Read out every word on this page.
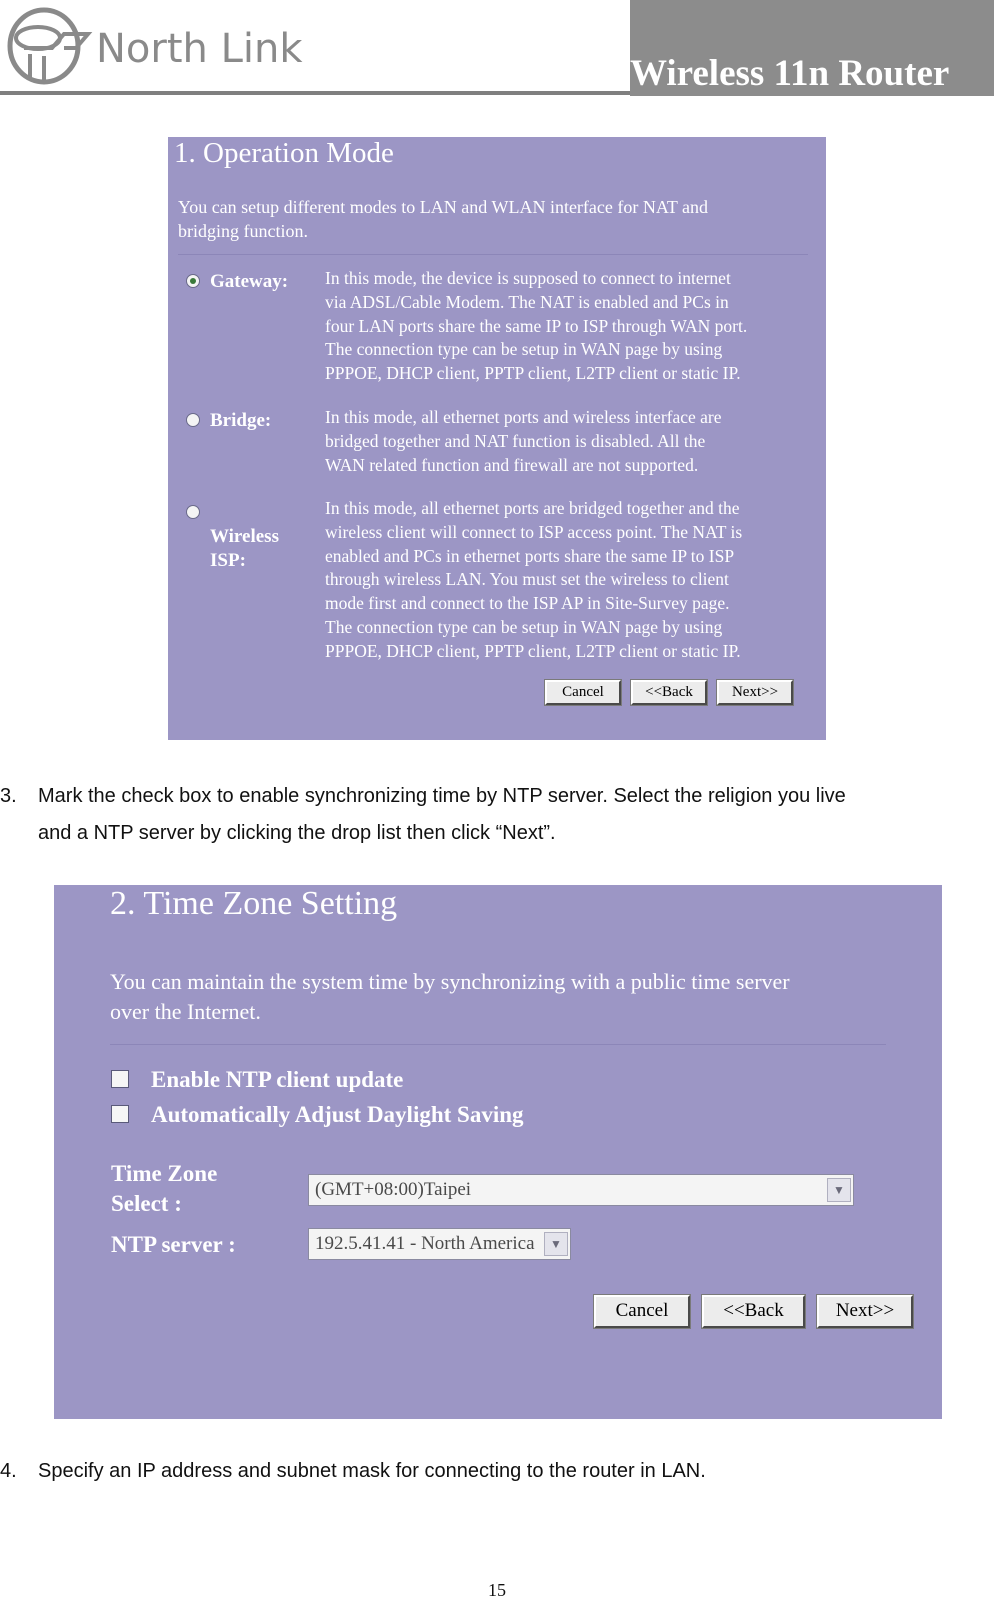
North Link
Wireless 11n Router
1. Operation Mode
You can setup different modes to LAN and WLAN interface for NAT and
bridging function.
Gateway: In this mode, the device is supposed to connect to internet
via ADSL/Cable Modem. The NAT is enabled and PCs in
four LAN ports share the same IP to ISP through WAN port.
The connection type can be setup in WAN page by using
PPPOE, DHCP client, PPTP client, L2TP client or static IP.
Bridge:	In this mode, all ethernet ports and wireless interface are
bridged together and NAT function is disabled. All the
WAN related function and firewall are not supported.

Wireless
ISP:

In this mode, all ethernet ports are bridged together and the
wireless client will connect to ISP access point. The NAT is
enabled and PCs in ethernet ports share the same IP to ISP
through wireless LAN. You must set the wireless to client
mode first and connect to the ISP AP in Site-Survey page.
The connection type can be setup in WAN page by using
PPPOE, DHCP client, PPTP client, L2TP client or static IP.
Cancel	<<Back	Next>>
3. Mark the check box to enable synchronizing time by NTP server. Select the religion you live
and a NTP server by clicking the drop list then click “Next”.
2. Time Zone Setting
You can maintain the system time by synchronizing with a public time server
over the Internet.
Enable NTP client update
Automatically Adjust Daylight Saving
Time Zone
Select :
(GMT+08:00)Taipei	▼
NTP server :	192.5.41.41 - North America	▼
Cancel	<<Back	Next>>
4. Specify an IP address and subnet mask for connecting to the router in LAN.
15
